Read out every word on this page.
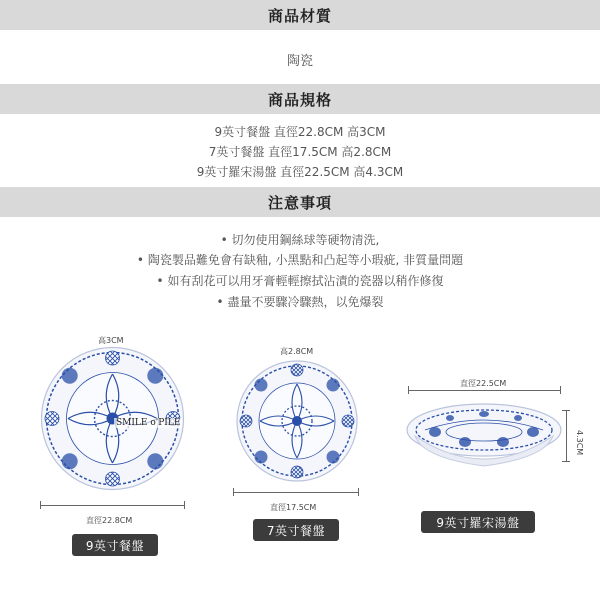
商品材質
陶瓷
商品規格
9英寸餐盤 直徑22.8CM 高3CM
7英寸餐盤 直徑17.5CM 高2.8CM
9英寸羅宋湯盤 直徑22.5CM 高4.3CM
注意事項
• 切勿使用鋼絲球等硬物清洗,
• 陶瓷製品難免會有缺釉, 小黑點和凸起等小瑕疵, 非質量問題
• 如有刮花可以用牙膏輕輕擦拭沾漬的瓷器以稍作修復
• 盡量不要驟冷驟熱，以免爆裂
高3CM
SMILE o'PILE
直徑22.8CM
9英寸餐盤
高2.8CM
直徑17.5CM
7英寸餐盤
直徑22.5CM
4.3CM
9英寸羅宋湯盤
